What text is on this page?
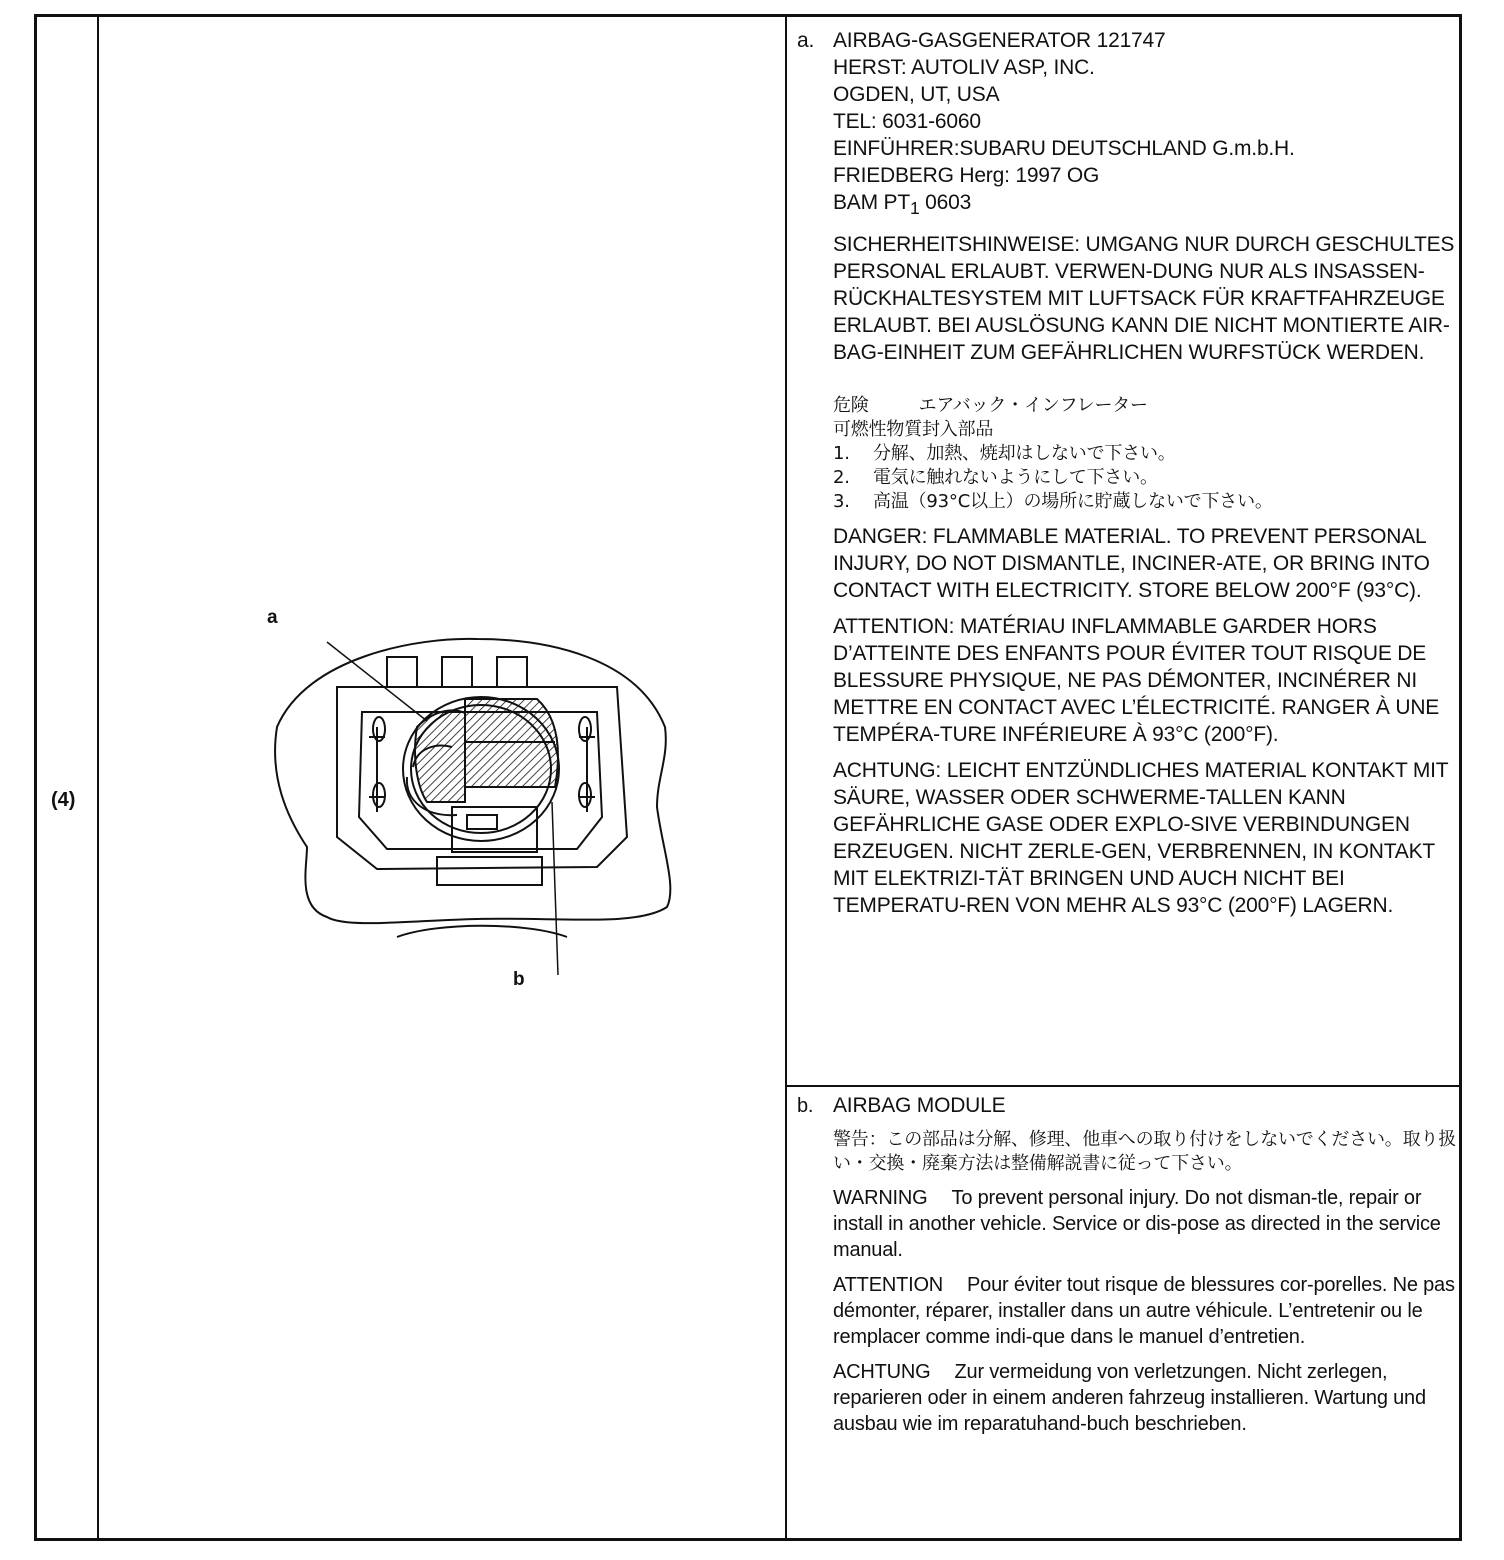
(4)
a
b
a. AIRBAG-GASGENERATOR 121747
HERST: AUTOLIV ASP, INC.
OGDEN, UT, USA
TEL: 6031-6060
EINFÜHRER:SUBARU DEUTSCHLAND G.m.b.H.
FRIEDBERG Herg: 1997 OG
BAM $PT_1$ 0603
SICHERHEITSHINWEISE: UMGANG NUR DURCH GESCHULTES PERSONAL ERLAUBT. VERWEN-DUNG NUR ALS INSASSEN-RÜCKHALTESYSTEM MIT LUFTSACK FÜR KRAFTFAHRZEUGE ERLAUBT. BEI AUSLÖSUNG KANN DIE NICHT MONTIERTE AIR-BAG-EINHEIT ZUM GEFÄHRLICHEN WURFSTÜCK WERDEN.
危険	エアバック・インフレーター
可燃性物質封入部品
1.	分解、加熱、焼却はしないで下さい。
2.	電気に触れないようにして下さい。
3.	高温（93°C以上）の場所に貯蔵しないで下さい。
DANGER: FLAMMABLE MATERIAL. TO PREVENT PERSONAL INJURY, DO NOT DISMANTLE, INCINER-ATE, OR BRING INTO CONTACT WITH ELECTRICITY. STORE BELOW 200°F (93°C).
ATTENTION: MATÉRIAU INFLAMMABLE GARDER HORS D’ATTEINTE DES ENFANTS POUR ÉVITER TOUT RISQUE DE BLESSURE PHYSIQUE, NE PAS DÉMONTER, INCINÉRER NI METTRE EN CONTACT AVEC L’ÉLECTRICITÉ. RANGER À UNE TEMPÉRA-TURE INFÉRIEURE À 93°C (200°F).
ACHTUNG: LEICHT ENTZÜNDLICHES MATERIAL KONTAKT MIT SÄURE, WASSER ODER SCHWERME-TALLEN KANN GEFÄHRLICHE GASE ODER EXPLO-SIVE VERBINDUNGEN ERZEUGEN. NICHT ZERLE-GEN, VERBRENNEN, IN KONTAKT MIT ELEKTRIZI-TÄT BRINGEN UND AUCH NICHT BEI TEMPERATU-REN VON MEHR ALS 93°C (200°F) LAGERN.
b. AIRBAG MODULE
警告：この部品は分解、修理、他車への取り付けをしないでください。取り扱い・交換・廃棄方法は整備解説書に従って下さい。
WARNING To prevent personal injury. Do not disman-tle, repair or install in another vehicle. Service or dis-pose as directed in the service manual.
ATTENTION Pour éviter tout risque de blessures cor-porelles. Ne pas démonter, réparer, installer dans un autre véhicule. L’entretenir ou le remplacer comme indi-que dans le manuel d’entretien.
ACHTUNG Zur vermeidung von verletzungen. Nicht zerlegen, reparieren oder in einem anderen fahrzeug installieren. Wartung und ausbau wie im reparatuhand-buch beschrieben.
